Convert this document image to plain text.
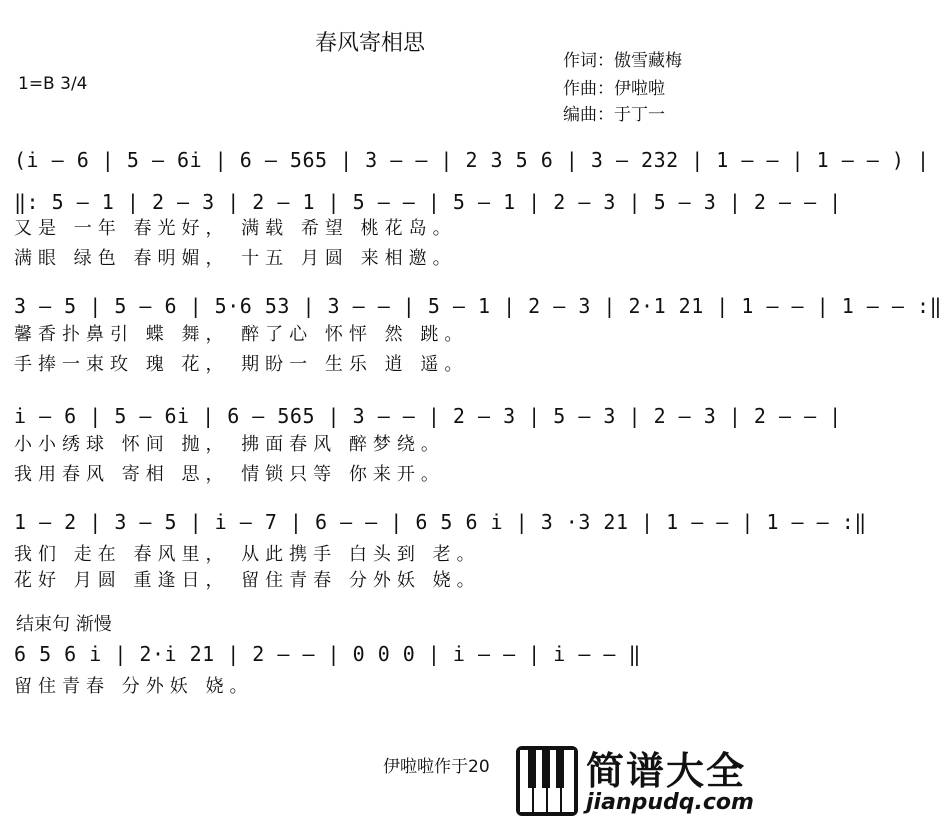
春风寄相思
作词：傲雪藏梅
作曲：伊啦啦
编曲：于丁一
1=B 3/4
(i̇ – 6 | 5 – 6i̇ | 6 – 565 | 3 – – | 2 3 5 6 | 3 – 232 | 1 – – | 1 – – ) |
‖: 5 – 1 | 2 – 3 | 2 – 1 | 5 – – | 5 – 1 | 2 – 3 | 5 – 3 | 2 – – |
又是 一年 春光好， 满载 希望 桃花岛。
满眼 绿色 春明媚， 十五 月圆 来相邀。
3 – 5 | 5 – 6 | 5·6 53 | 3 – – | 5 – 1 | 2 – 3 | 2·1 21 | 1 – – | 1 – – :‖
馨香扑鼻引 蝶 舞， 醉了心 怀怦 然 跳。
手捧一束玫 瑰 花， 期盼一 生乐 逍 遥。
i̇ – 6 | 5 – 6i̇ | 6 – 565 | 3 – – | 2 – 3 | 5 – 3 | 2 – 3 | 2 – – |
小小绣球 怀间 抛， 拂面春风 醉梦绕。
我用春风 寄相 思， 情锁只等 你来开。
1 – 2 | 3 – 5 | i̇ – 7 | 6 – – | 6 5 6 i̇ | 3 ·3 21 | 1 – – | 1 – – :‖
我们 走在 春风里， 从此携手 白头到 老。
花好 月圆 重逢日， 留住青春 分外妖 娆。
结束句 渐慢
6 5 6 i̇ | 2·i̇ 21 | 2 – – | 0 0 0 | i̇ – – | i̇ – – ‖
留住青春 分外妖 娆。
伊啦啦作于20	简谱大全
jianpudq.com
